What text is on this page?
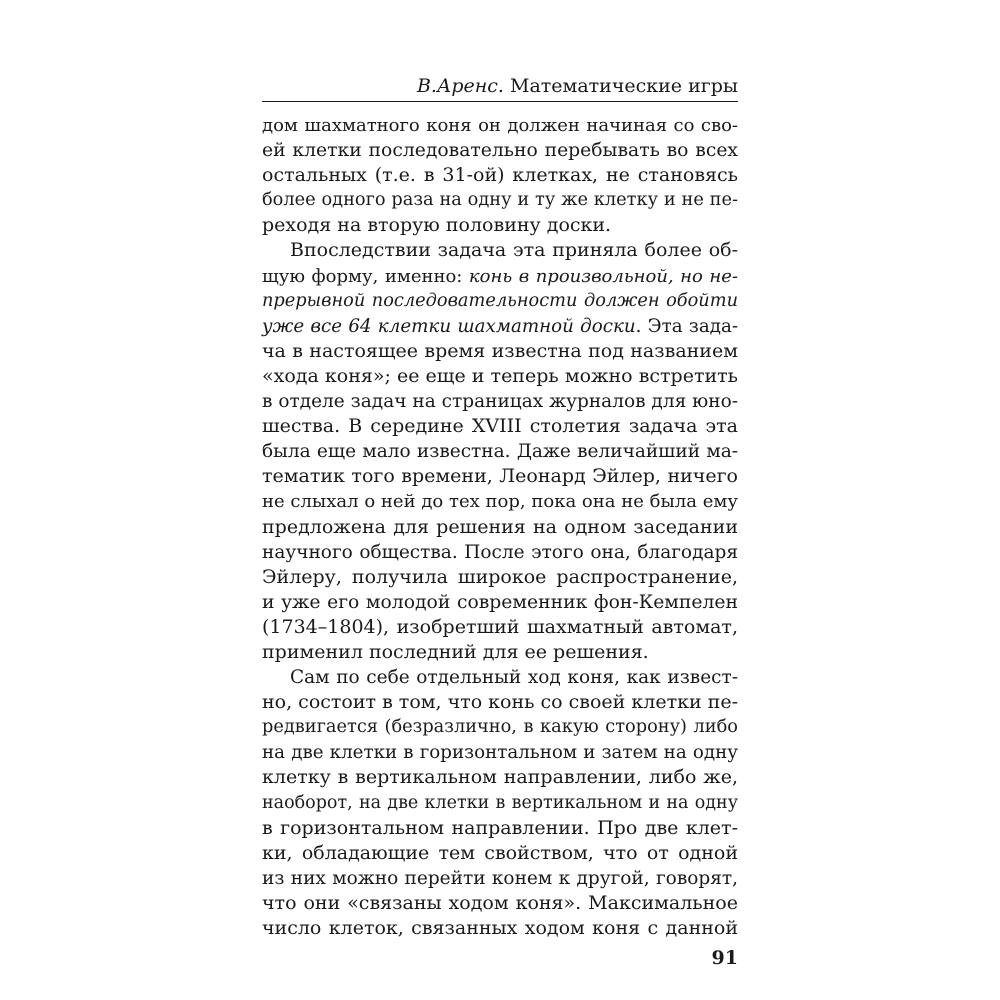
В.Аренс. Математические игры
дом шахматного коня он должен начиная со сво-
ей клетки последовательно перебывать во всех
остальных (т.е. в 31-ой) клетках, не становясь
более одного раза на одну и ту же клетку и не пе-
реходя на вторую половину доски.
Впоследствии задача эта приняла более об-
щую форму, именно: конь в произвольной, но не-
прерывной последовательности должен обойти
уже все 64 клетки шахматной доски. Эта зада-
ча в настоящее время известна под названием
«хода коня»; ее еще и теперь можно встретить
в отделе задач на страницах журналов для юно-
шества. В середине XVIII столетия задача эта
была еще мало известна. Даже величайший ма-
тематик того времени, Леонард Эйлер, ничего
не слыхал о ней до тех пор, пока она не была ему
предложена для решения на одном заседании
научного общества. После этого она, благодаря
Эйлеру, получила широкое распространение,
и уже его молодой современник фон-Кемпелен
(1734–1804), изобретший шахматный автомат,
применил последний для ее решения.
Сам по себе отдельный ход коня, как извест-
но, состоит в том, что конь со своей клетки пе-
редвигается (безразлично, в какую сторону) либо
на две клетки в горизонтальном и затем на одну
клетку в вертикальном направлении, либо же,
наоборот, на две клетки в вертикальном и на одну
в горизонтальном направлении. Про две клет-
ки, обладающие тем свойством, что от одной
из них можно перейти конем к другой, говорят,
что они «связаны ходом коня». Максимальное
число клеток, связанных ходом коня с данной
91
